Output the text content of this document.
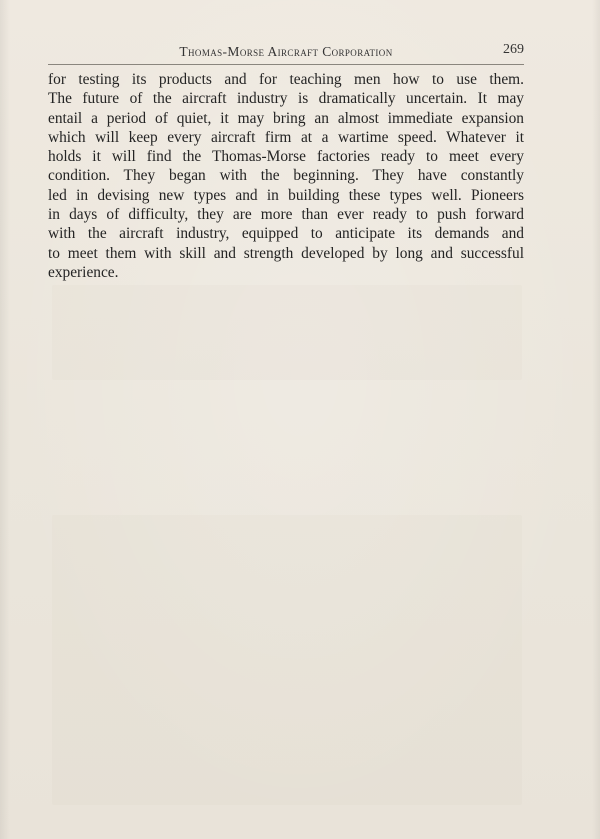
Thomas-Morse Aircraft Corporation	269
for testing its products and for teaching men how to use them.
The future of the aircraft industry is dramatically uncertain. It may
entail a period of quiet, it may bring an almost immediate expansion
which will keep every aircraft firm at a wartime speed. Whatever it
holds it will find the Thomas-Morse factories ready to meet every
condition. They began with the beginning. They have constantly
led in devising new types and in building these types well. Pioneers
in days of difficulty, they are more than ever ready to push forward
with the aircraft industry, equipped to anticipate its demands and
to meet them with skill and strength developed by long and successful
experience.
